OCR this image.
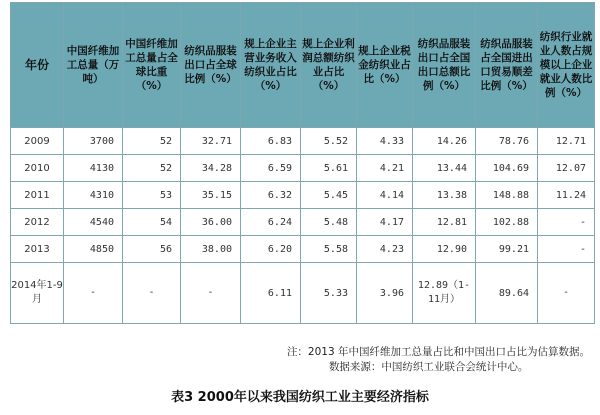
年份	中国纤维加工总量（万吨）	中国纤维加工总量占全球比重（%）	纺织品服装出口占全球比例（%）	规上企业主营业务收入纺织业占比（%）	规上企业利润总额纺织业占比（%）	规上企业税金纺织业占比（%）	纺织品服装出口占全国出口总额比例（%）	纺织品服装占全国进出口贸易顺差比例（%）	纺织行业就业人数占规模以上企业就业人数比例（%）
2009	3700	52	32.71	6.83	5.52	4.33	14.26	78.76	12.71
2010	4130	52	34.28	6.59	5.61	4.21	13.44	104.69	12.07
2011	4310	53	35.15	6.32	5.45	4.14	13.38	148.88	11.24
2012	4540	54	36.00	6.24	5.48	4.17	12.81	102.88	-
2013	4850	56	38.00	6.20	5.58	4.23	12.90	99.21	-
2014年1-9月	-	-	-	6.11	5.33	3.96	12.89（1-11月）	89.64	-
注：2013 年中国纤维加工总量占比和中国出口占比为估算数据。

数据来源：中国纺织工业联合会统计中心。
表3 2000年以来我国纺织工业主要经济指标
